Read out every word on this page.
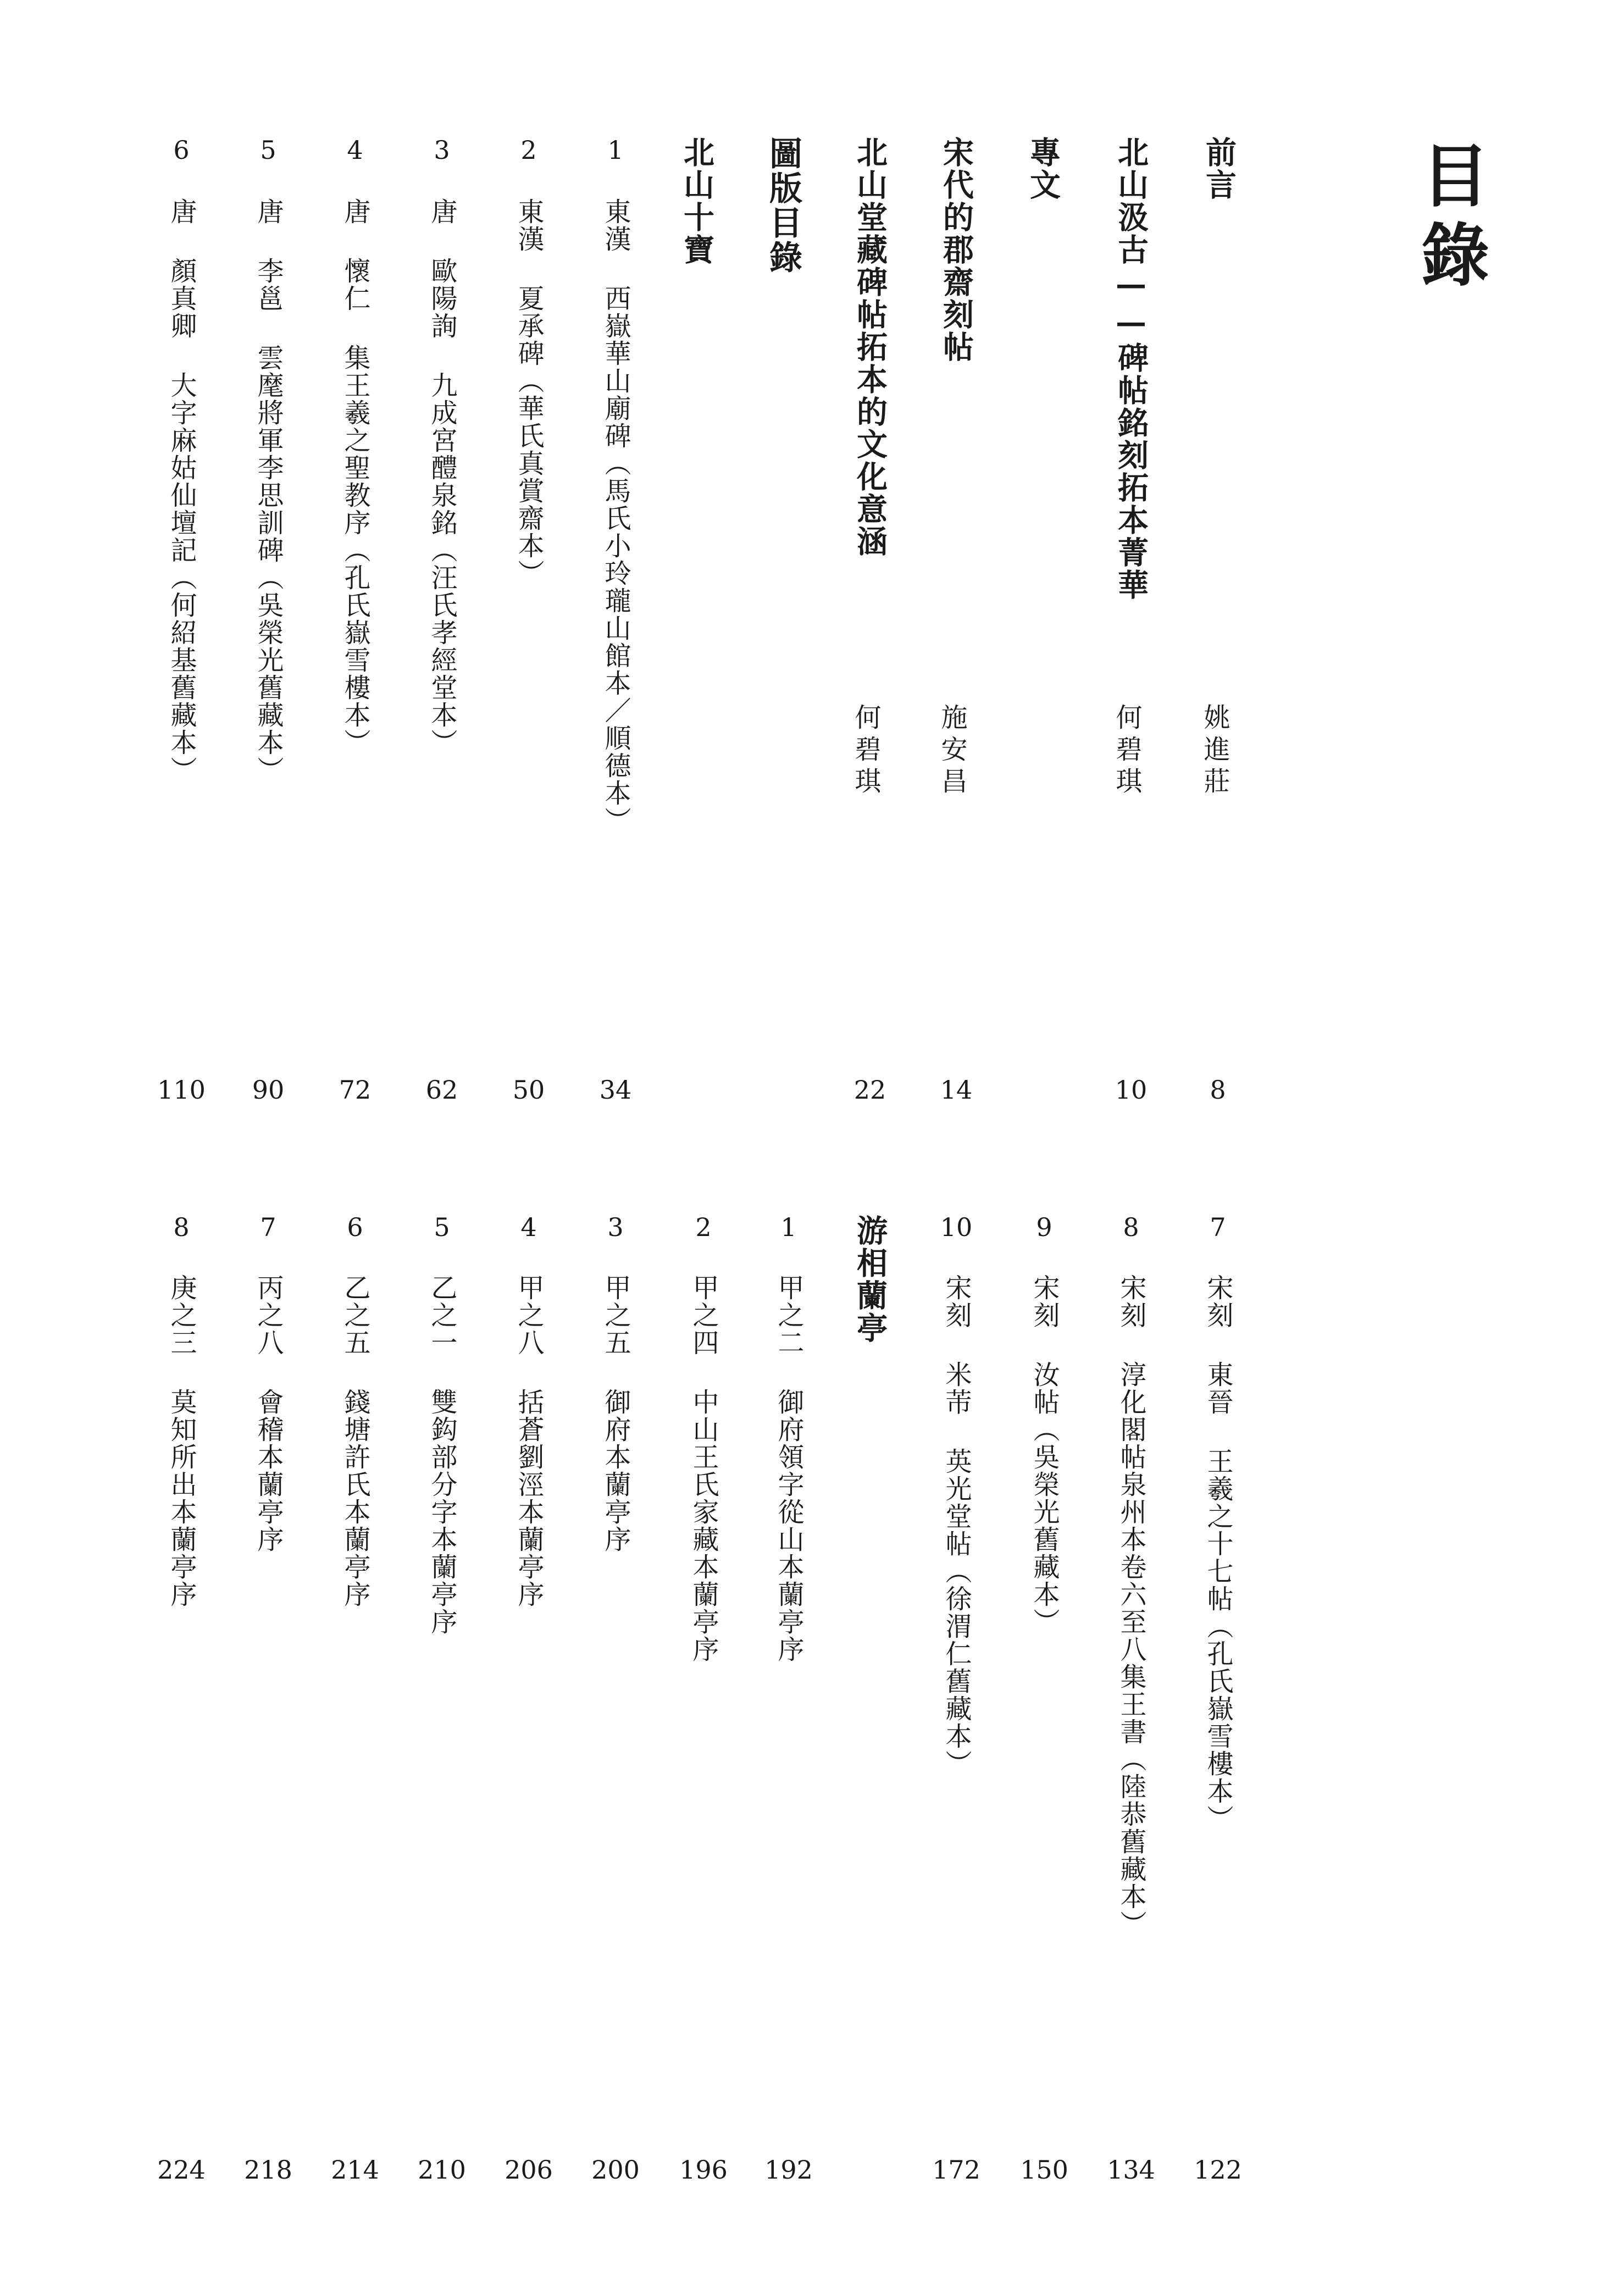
目錄
前言
姚進莊
8
北山汲古——碑帖銘刻拓本菁華
何碧琪
10
專文
宋代的郡齋刻帖
施安昌
14
北山堂藏碑帖拓本的文化意涵
何碧琪
22
圖版目錄
北山十寶
1
東漢 西嶽華山廟碑（馬氏小玲瓏山館本／順德本）
34
2
東漢 夏承碑（華氏真賞齋本）
50
3
唐 歐陽詢 九成宮醴泉銘（汪氏孝經堂本）
62
4
唐 懷仁 集王羲之聖教序（孔氏嶽雪樓本）
72
5
唐 李邕 雲麾將軍李思訓碑（吳榮光舊藏本）
90
6
唐 顏真卿 大字麻姑仙壇記（何紹基舊藏本）
110
7
宋刻 東晉 王羲之十七帖（孔氏嶽雪樓本）
122
8
宋刻 淳化閣帖泉州本卷六至八集王書（陸恭舊藏本）
134
9
宋刻 汝帖（吳榮光舊藏本）
150
10
宋刻 米芾 英光堂帖（徐渭仁舊藏本）
172
游相蘭亭
1
甲之二 御府領字從山本蘭亭序
192
2
甲之四 中山王氏家藏本蘭亭序
196
3
甲之五 御府本蘭亭序
200
4
甲之八 括蒼劉涇本蘭亭序
206
5
乙之一 雙鈎部分字本蘭亭序
210
6
乙之五 錢塘許氏本蘭亭序
214
7
丙之八 會稽本蘭亭序
218
8
庚之三 莫知所出本蘭亭序
224
